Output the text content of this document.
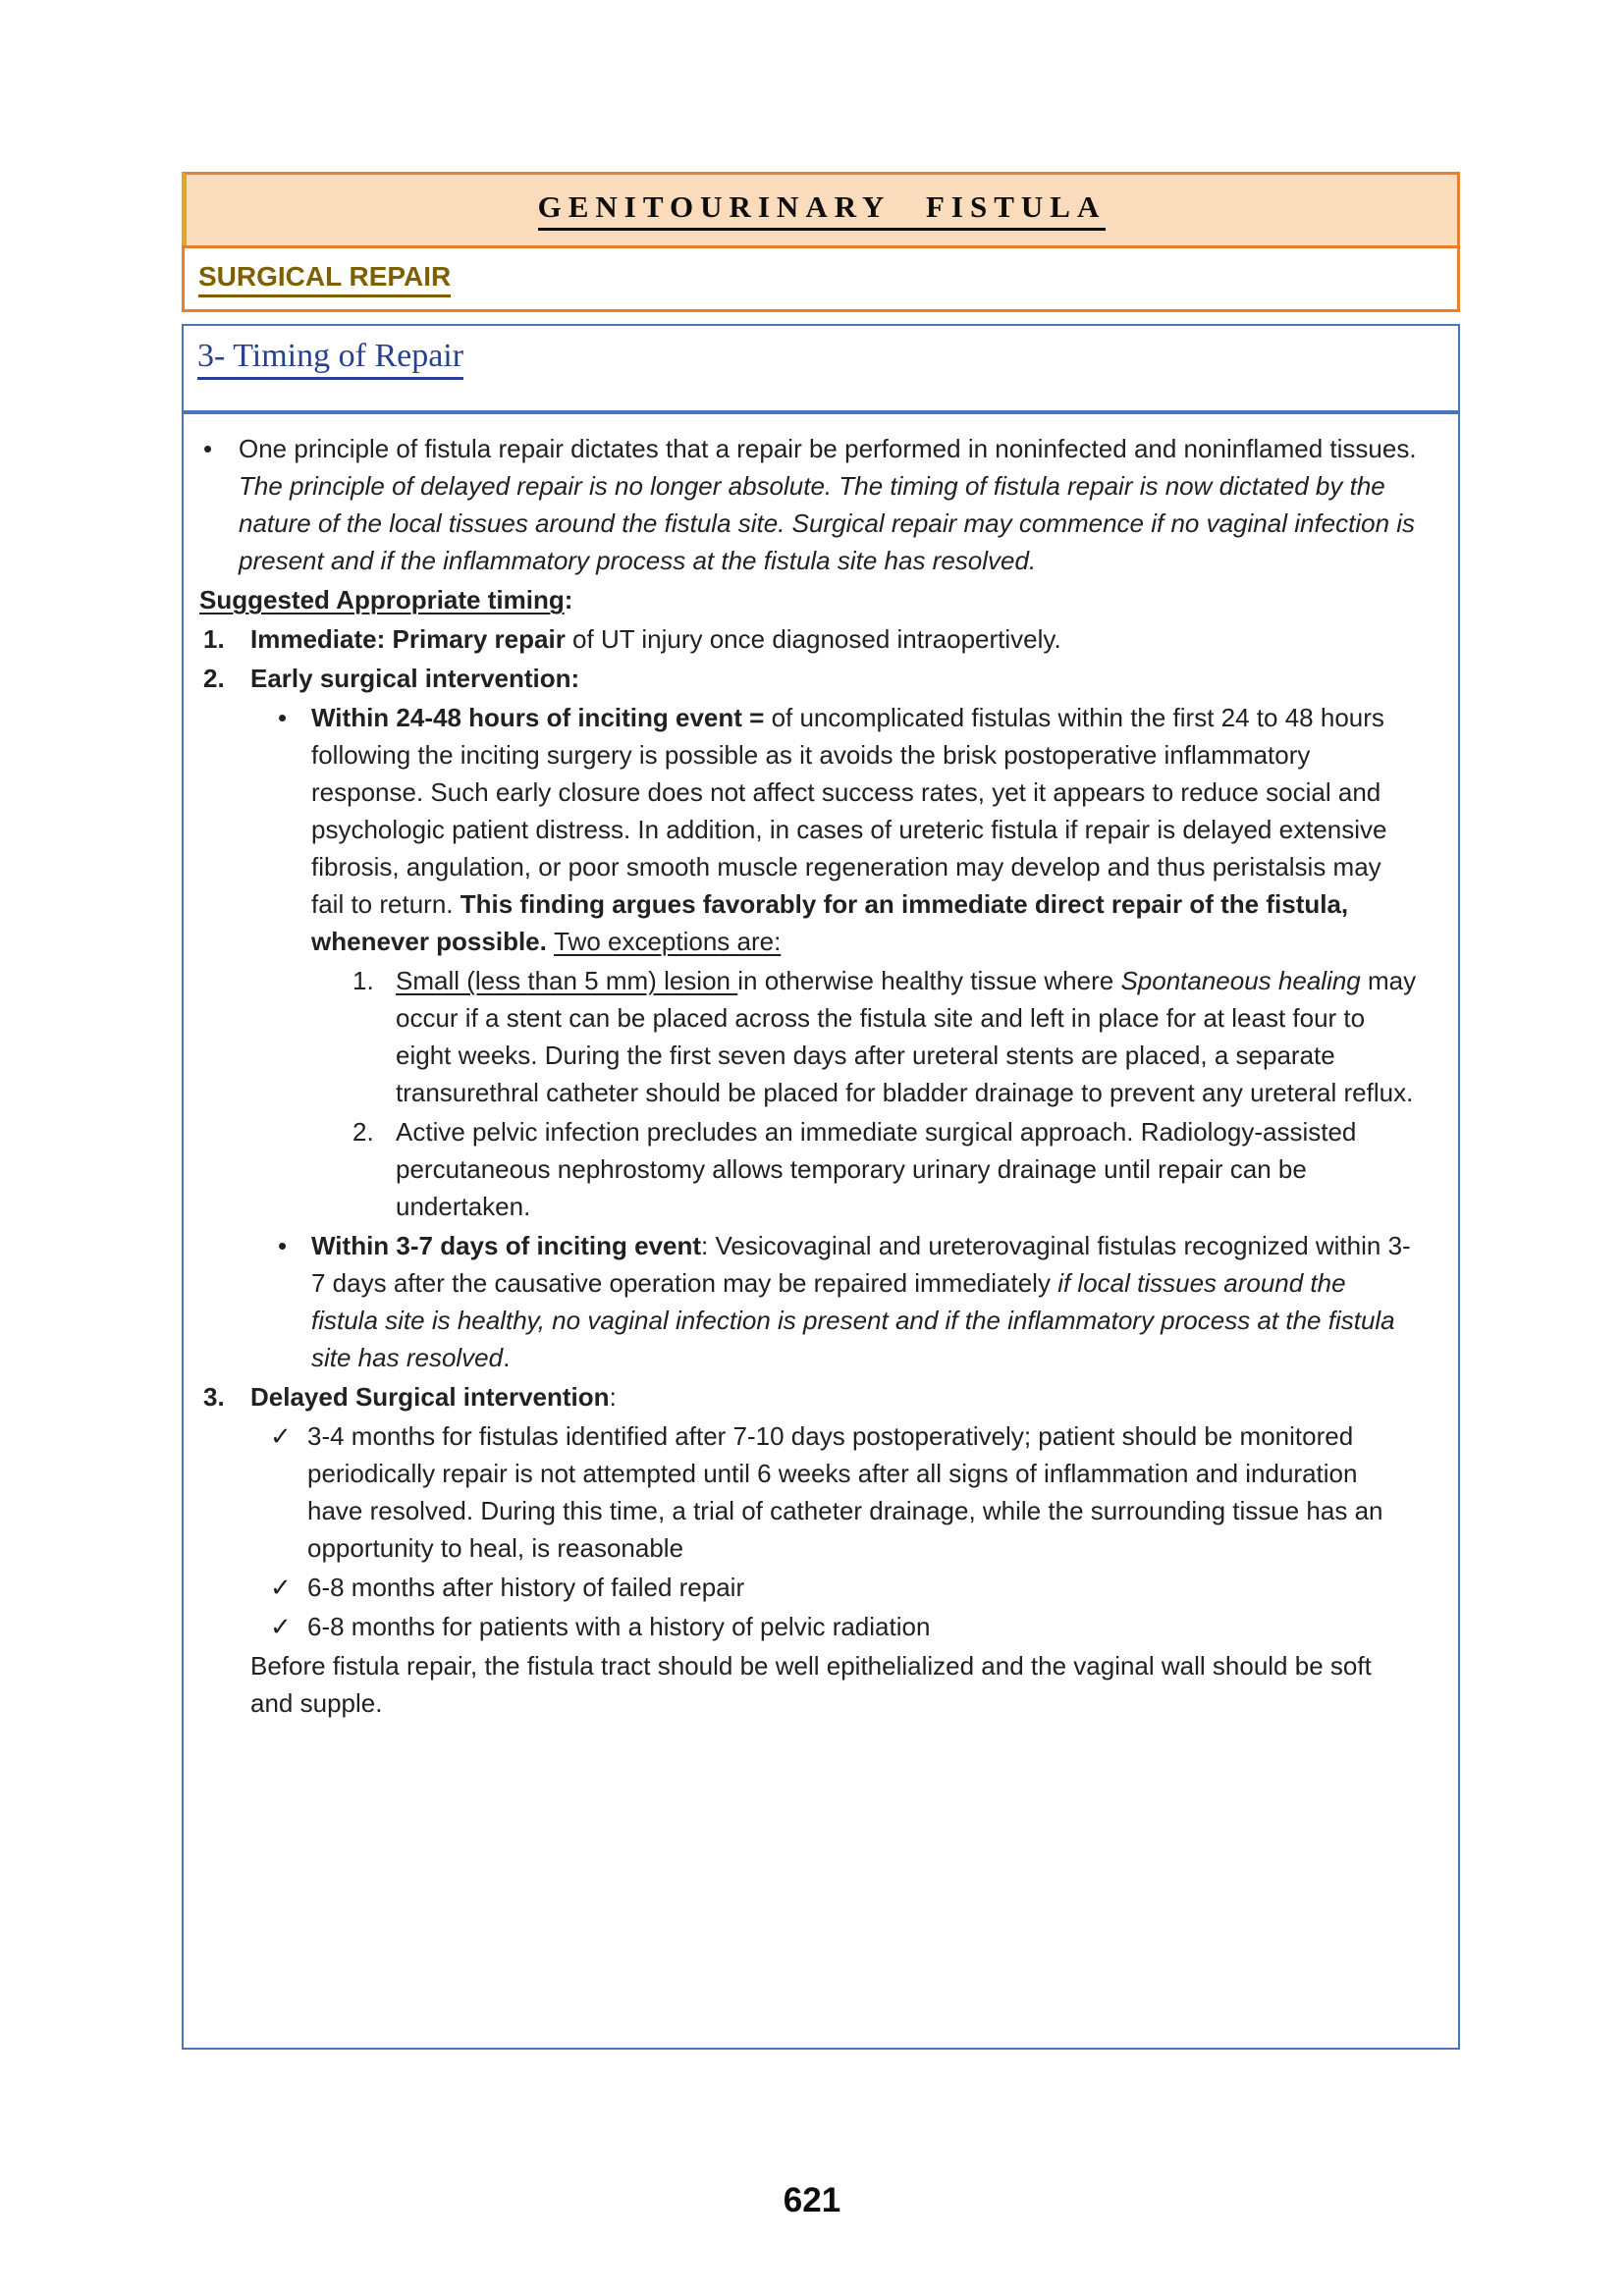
GENITOURINARY FISTULA
SURGICAL REPAIR
3- Timing of Repair
•	One principle of fistula repair dictates that a repair be performed in noninfected and noninflamed tissues. The principle of delayed repair is no longer absolute. The timing of fistula repair is now dictated by the nature of the local tissues around the fistula site. Surgical repair may commence if no vaginal infection is present and if the inflammatory process at the fistula site has resolved.
Suggested Appropriate timing:
1.	Immediate: Primary repair of UT injury once diagnosed intraopertively.
2.	Early surgical intervention:
• Within 24-48 hours of inciting event = of uncomplicated fistulas within the first 24 to 48 hours following the inciting surgery is possible as it avoids the brisk postoperative inflammatory response. Such early closure does not affect success rates, yet it appears to reduce social and psychologic patient distress. In addition, in cases of ureteric fistula if repair is delayed extensive fibrosis, angulation, or poor smooth muscle regeneration may develop and thus peristalsis may fail to return. This finding argues favorably for an immediate direct repair of the fistula, whenever possible. Two exceptions are:
1. Small (less than 5 mm) lesion in otherwise healthy tissue where Spontaneous healing may occur if a stent can be placed across the fistula site and left in place for at least four to eight weeks. During the first seven days after ureteral stents are placed, a separate transurethral catheter should be placed for bladder drainage to prevent any ureteral reflux.
2. Active pelvic infection precludes an immediate surgical approach. Radiology-assisted percutaneous nephrostomy allows temporary urinary drainage until repair can be undertaken.
• Within 3-7 days of inciting event: Vesicovaginal and ureterovaginal fistulas recognized within 3-7 days after the causative operation may be repaired immediately if local tissues around the fistula site is healthy, no vaginal infection is present and if the inflammatory process at the fistula site has resolved.
3.	Delayed Surgical intervention:
✓ 3-4 months for fistulas identified after 7-10 days postoperatively; patient should be monitored periodically repair is not attempted until 6 weeks after all signs of inflammation and induration have resolved. During this time, a trial of catheter drainage, while the surrounding tissue has an opportunity to heal, is reasonable
✓ 6-8 months after history of failed repair
✓ 6-8 months for patients with a history of pelvic radiation
Before fistula repair, the fistula tract should be well epithelialized and the vaginal wall should be soft and supple.
621
